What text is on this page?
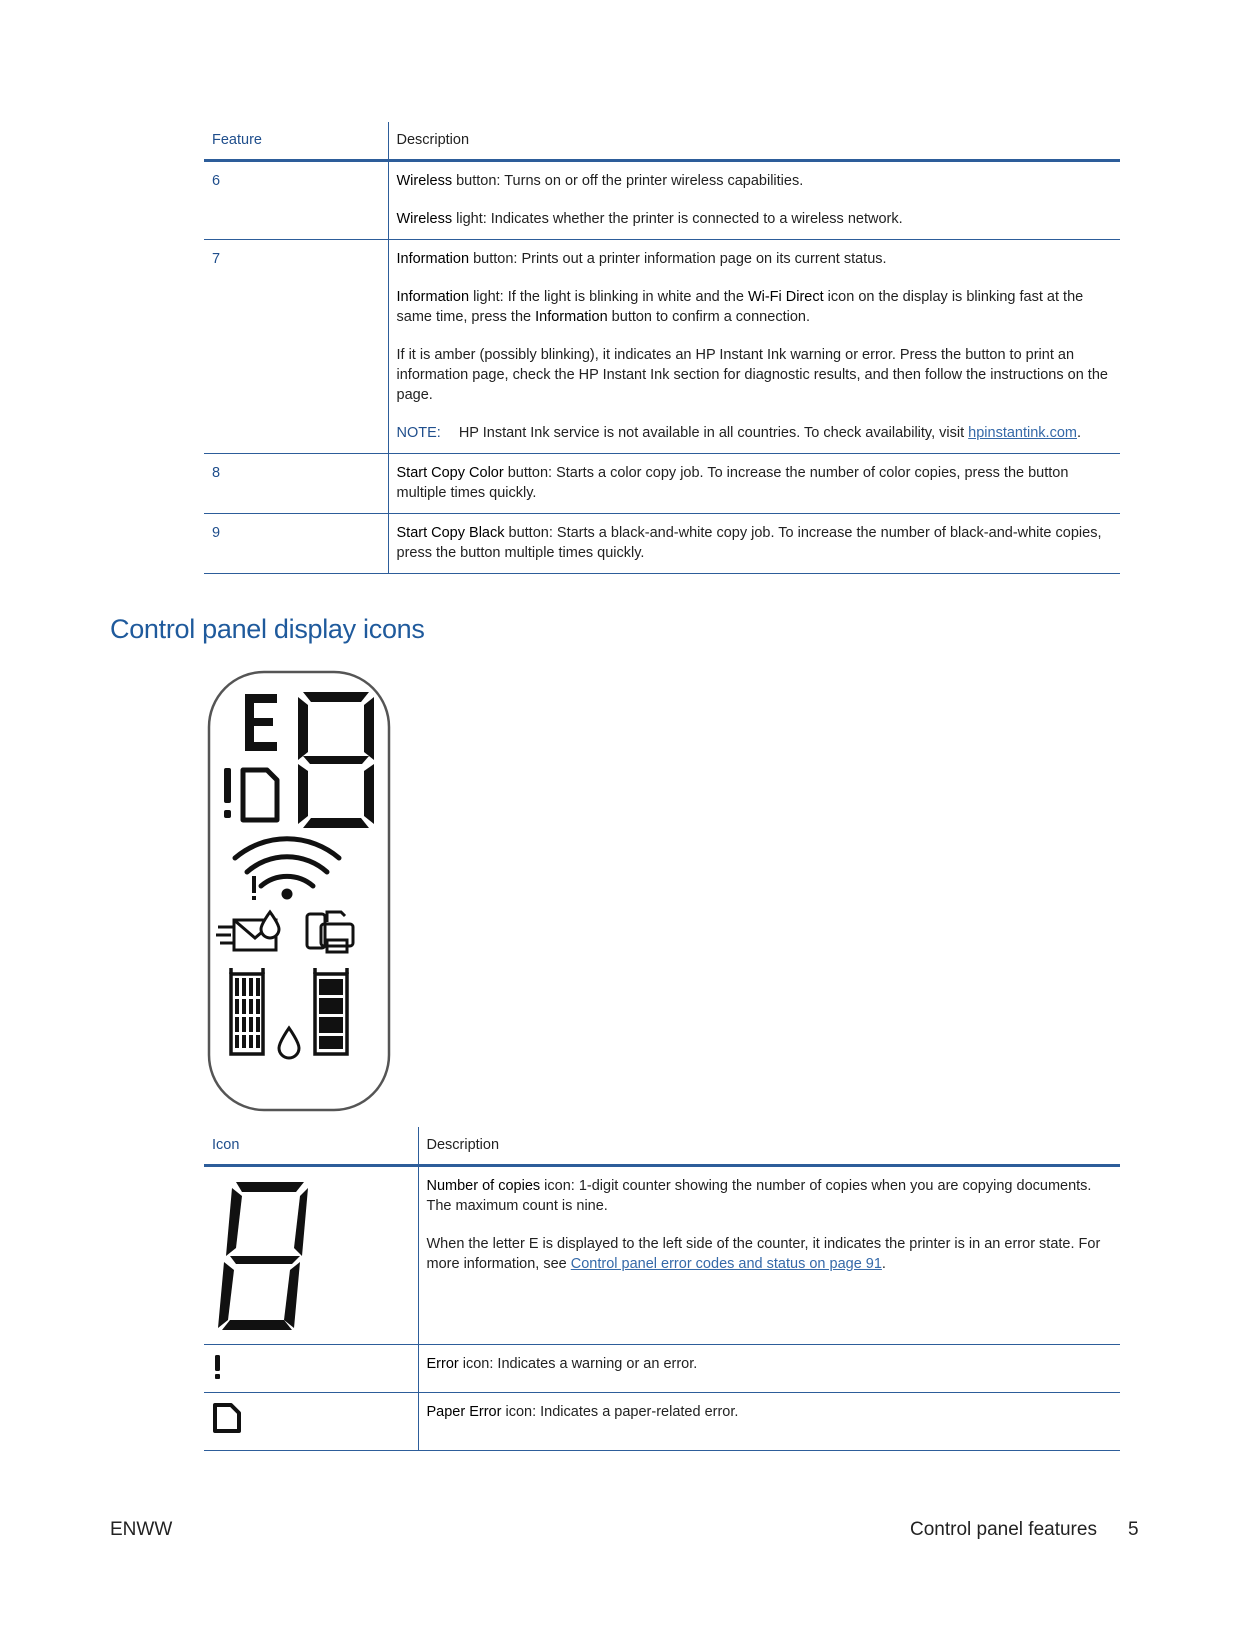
Feature	Description
6	Wireless button: Turns on or off the printer wireless capabilities.

Wireless light: Indicates whether the printer is connected to a wireless network.

7	Information button: Prints out a printer information page on its current status.

Information light: If the light is blinking in white and the Wi-Fi Direct icon on the display is blinking fast at the same time, press the Information button to confirm a connection.

If it is amber (possibly blinking), it indicates an HP Instant Ink warning or error. Press the button to print an information page, check the HP Instant Ink section for diagnostic results, and then follow the instructions on the page.

NOTE: HP Instant Ink service is not available in all countries. To check availability, visit hpinstantink.com.

8	Start Copy Color button: Starts a color copy job. To increase the number of color copies, press the button multiple times quickly.

9	Start Copy Black button: Starts a black-and-white copy job. To increase the number of black-and-white copies, press the button multiple times quickly.

Control panel display icons
Icon	Description

Number of copies icon: 1-digit counter showing the number of copies when you are copying documents. The maximum count is nine.

When the letter E is displayed to the left side of the counter, it indicates the printer is in an error state. For more information, see Control panel error codes and status on page 91.

Error icon: Indicates a warning or an error.

Paper Error icon: Indicates a paper-related error.

ENWW	Control panel features 5
